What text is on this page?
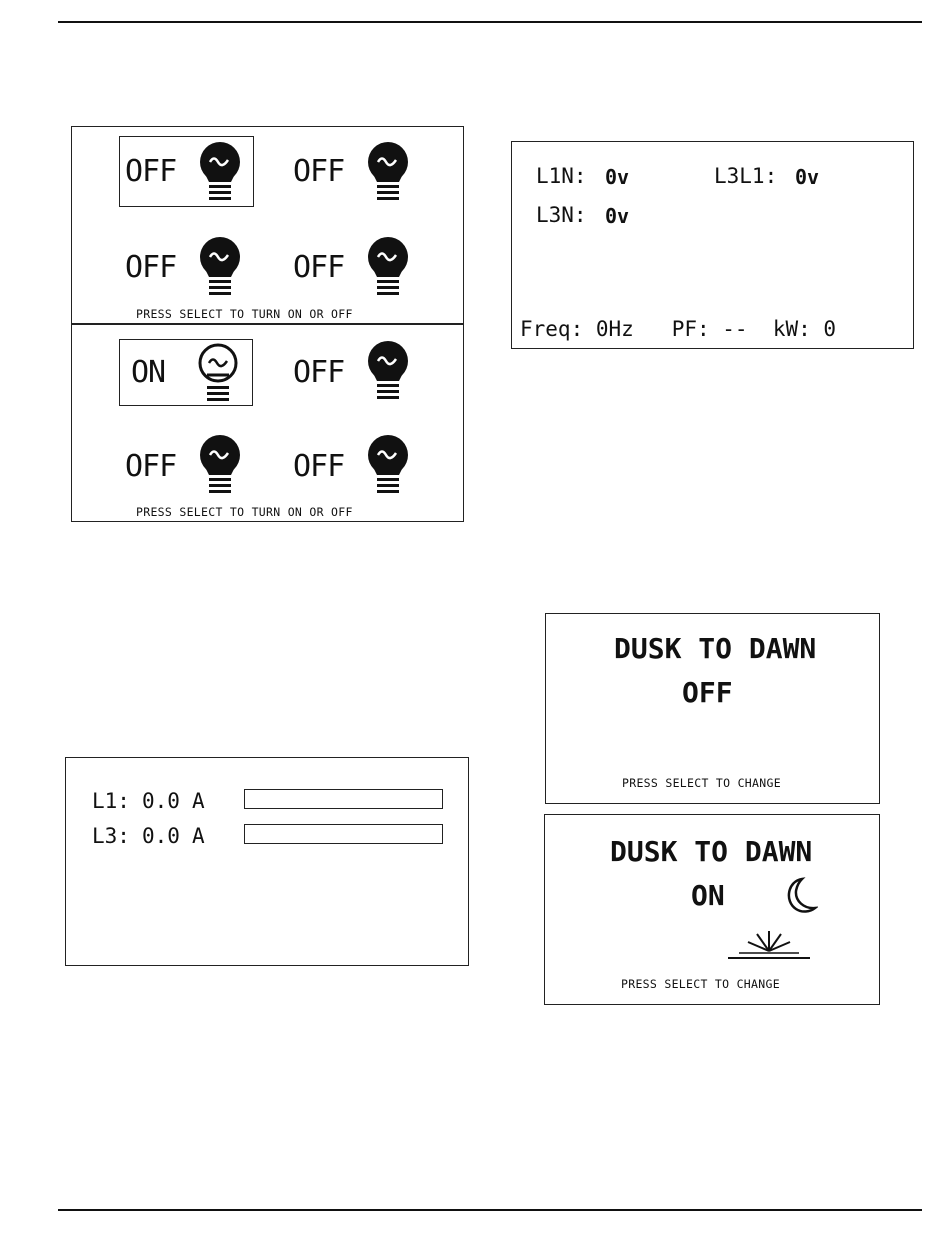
OFF	OFF
OFF	OFF
PRESS SELECT TO TURN ON OR OFF
ON	OFF
OFF	OFF
PRESS SELECT TO TURN ON OR OFF
L1N: 0v	L3L1: 0v
L3N: 0v
Freq: 0Hz   PF: --  kW: 0
L1: 0.0 A
L3: 0.0 A
DUSK TO DAWN
OFF
PRESS SELECT TO CHANGE
DUSK TO DAWN
ON
PRESS SELECT TO CHANGE
